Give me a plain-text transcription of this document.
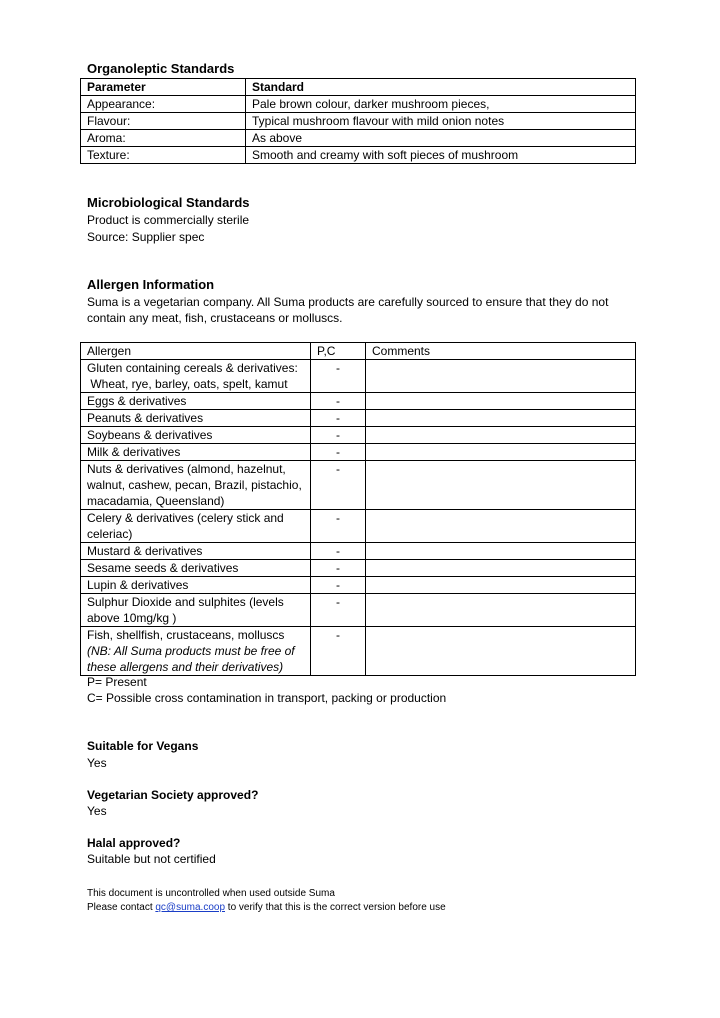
Organoleptic Standards
Parameter	Standard
Appearance:	Pale brown colour, darker mushroom pieces,
Flavour:	Typical mushroom flavour with mild onion notes
Aroma:	As above
Texture:	Smooth and creamy with soft pieces of mushroom
Microbiological Standards
Product is commercially sterile
Source: Supplier spec
Allergen Information
Suma is a vegetarian company. All Suma products are carefully sourced to ensure that they do not contain any meat, fish, crustaceans or molluscs.
Allergen	P,C	Comments

Gluten containing cereals & derivatives:
Wheat, rye, barley, oats, spelt, kamut	-	
Eggs & derivatives	-	
Peanuts & derivatives	-	
Soybeans & derivatives	-	
Milk & derivatives	-	
Nuts & derivatives (almond, hazelnut, walnut, cashew, pecan, Brazil, pistachio, macadamia, Queensland)	-	
Celery & derivatives (celery stick and celeriac)	-	
Mustard & derivatives	-	
Sesame seeds & derivatives	-	
Lupin & derivatives	-	
Sulphur Dioxide and sulphites (levels above 10mg/kg )	-	

Fish, shellfish, crustaceans, molluscs
(NB: All Suma products must be free of these allergens and their derivatives)	-	
P= Present
C= Possible cross contamination in transport, packing or production
Suitable for Vegans
Yes
Vegetarian Society approved?
Yes
Halal approved?
Suitable but not certified
This document is uncontrolled when used outside Suma
Please contact qc@suma.coop to verify that this is the correct version before use
